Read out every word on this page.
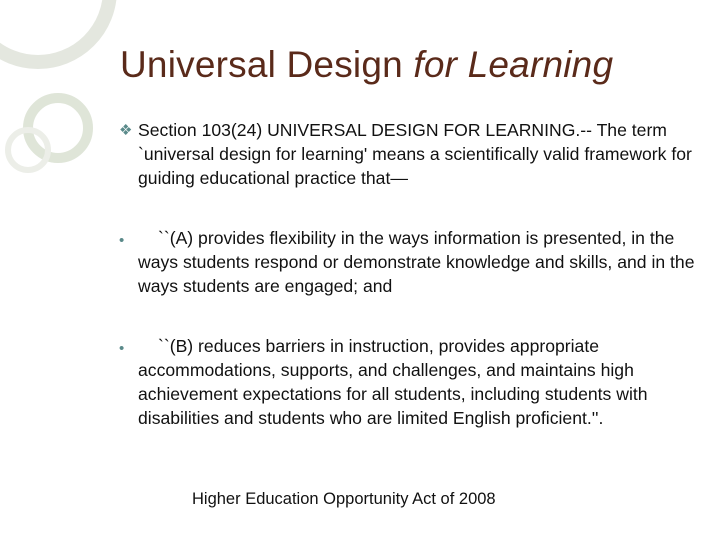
Universal Design for Learning
❖ Section 103(24) UNIVERSAL DESIGN FOR LEARNING.-- The term `universal design for learning' means a scientifically valid framework for guiding educational practice that—
•	``(A) provides flexibility in the ways information is presented, in the ways students respond or demonstrate knowledge and skills, and in the ways students are engaged; and
•	``(B) reduces barriers in instruction, provides appropriate accommodations, supports, and challenges, and maintains high achievement expectations for all students, including students with disabilities and students who are limited English proficient.''.
Higher Education Opportunity Act of 2008
